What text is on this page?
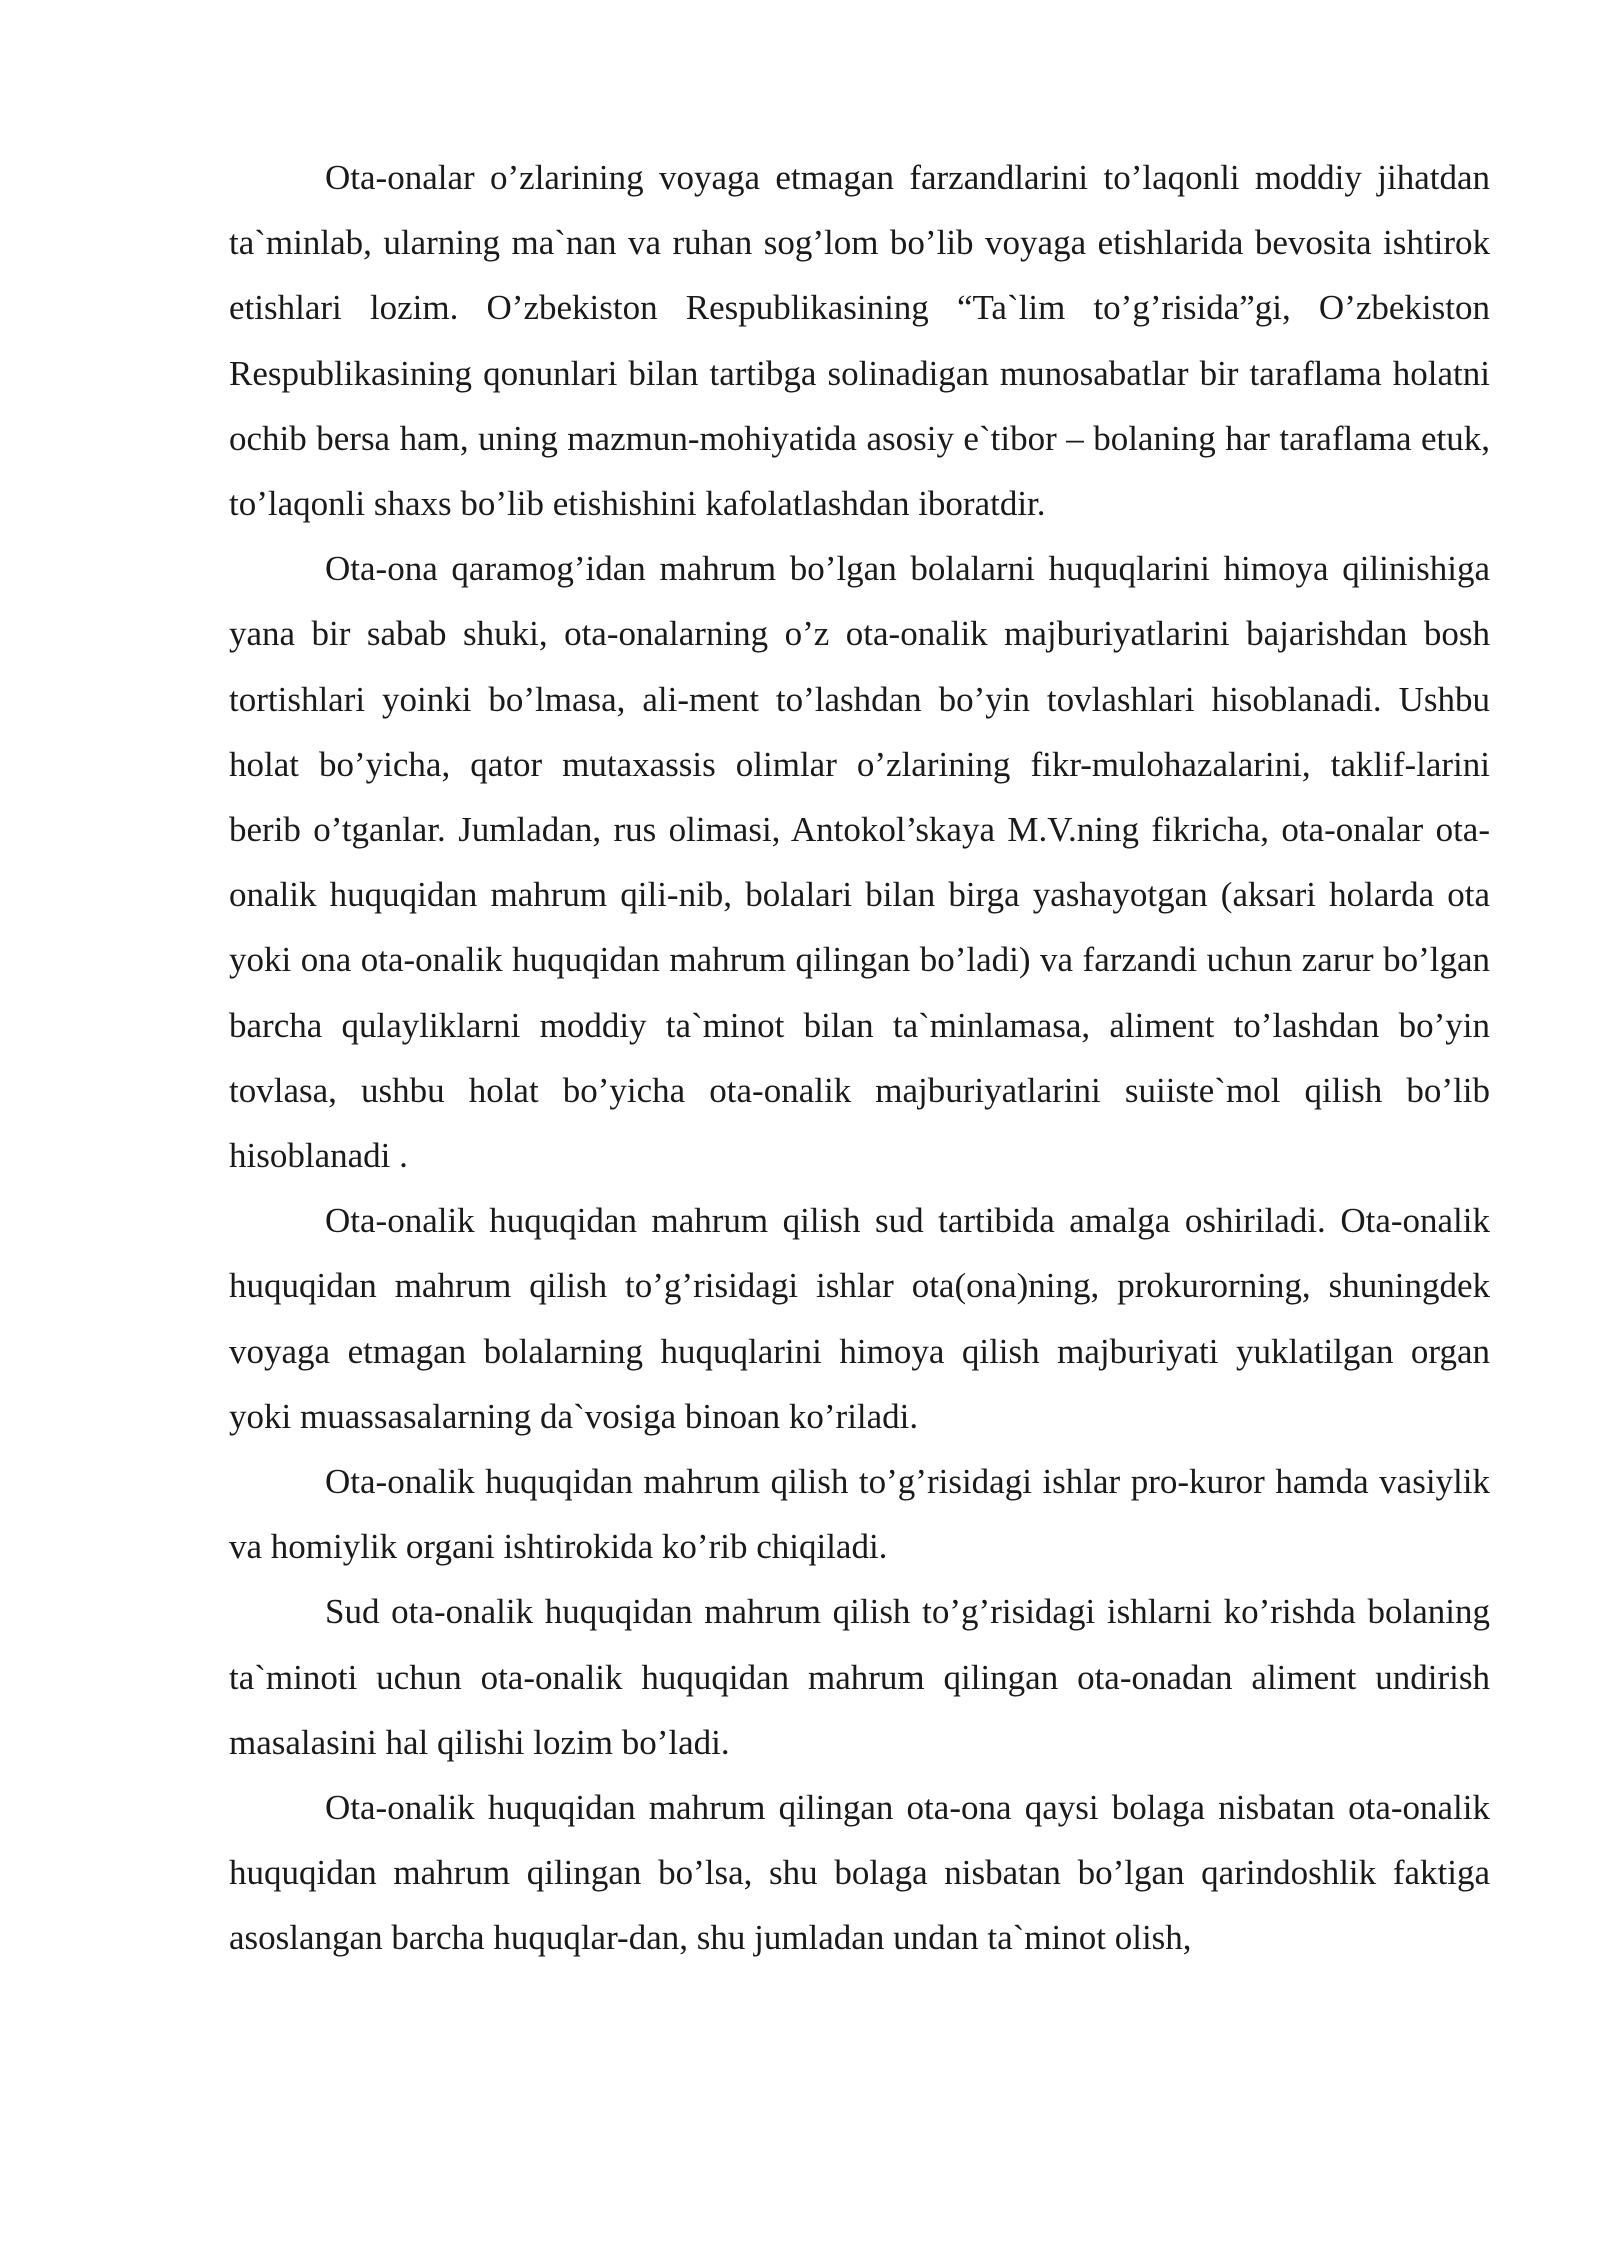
Ota-onalar o’zlarining voyaga etmagan farzandlarini to’laqonli moddiy jihatdan ta`minlab, ularning ma`nan va ruhan sog’lom bo’lib voyaga etishlarida bevosita ishtirok etishlari lozim. O’zbekiston Respublikasining “Ta`lim to’g’risida”gi, O’zbekiston Respublikasining qonunlari bilan tartibga solinadigan munosabatlar bir taraflama holatni ochib bersa ham, uning mazmun-mohiyatida asosiy e`tibor – bolaning har taraflama etuk, to’laqonli shaxs bo’lib etishishini kafolatlashdan iboratdir.

Ota-ona qaramog’idan mahrum bo’lgan bolalarni huquqlarini himoya qilinishiga yana bir sabab shuki, ota-onalarning o’z ota-onalik majburiyatlarini bajarishdan bosh tortishlari yoinki bo’lmasa, ali-ment to’lashdan bo’yin tovlashlari hisoblanadi. Ushbu holat bo’yicha, qator mutaxassis olimlar o’zlarining fikr-mulohazalarini, taklif-larini berib o’tganlar. Jumladan, rus olimasi, Antokol’skaya M.V.ning fikricha, ota-onalar ota-onalik huquqidan mahrum qili-nib, bolalari bilan birga yashayotgan (aksari holarda ota yoki ona ota-onalik huquqidan mahrum qilingan bo’ladi) va farzandi uchun zarur bo’lgan barcha qulayliklarni moddiy ta`minot bilan ta`minlamasa, aliment to’lashdan bo’yin tovlasa, ushbu holat bo’yicha ota-onalik majburiyatlarini suiiste`mol qilish bo’lib hisoblanadi .

Ota-onalik huquqidan mahrum qilish sud tartibida amalga oshiriladi. Ota-onalik huquqidan mahrum qilish to’g’risidagi ishlar ota(ona)ning, prokurorning, shuningdek voyaga etmagan bolalarning huquqlarini himoya qilish majburiyati yuklatilgan organ yoki muassasalarning da`vosiga binoan ko’riladi.

Ota-onalik huquqidan mahrum qilish to’g’risidagi ishlar pro-kuror hamda vasiylik va homiylik organi ishtirokida ko’rib chiqiladi.

Sud ota-onalik huquqidan mahrum qilish to’g’risidagi ishlarni ko’rishda bolaning ta`minoti uchun ota-onalik huquqidan mahrum qilingan ota-onadan aliment undirish masalasini hal qilishi lozim bo’ladi.

Ota-onalik huquqidan mahrum qilingan ota-ona qaysi bolaga nisbatan ota-onalik huquqidan mahrum qilingan bo’lsa, shu bolaga nisbatan bo’lgan qarindoshlik faktiga asoslangan barcha huquqlar-dan, shu jumladan undan ta`minot olish,
